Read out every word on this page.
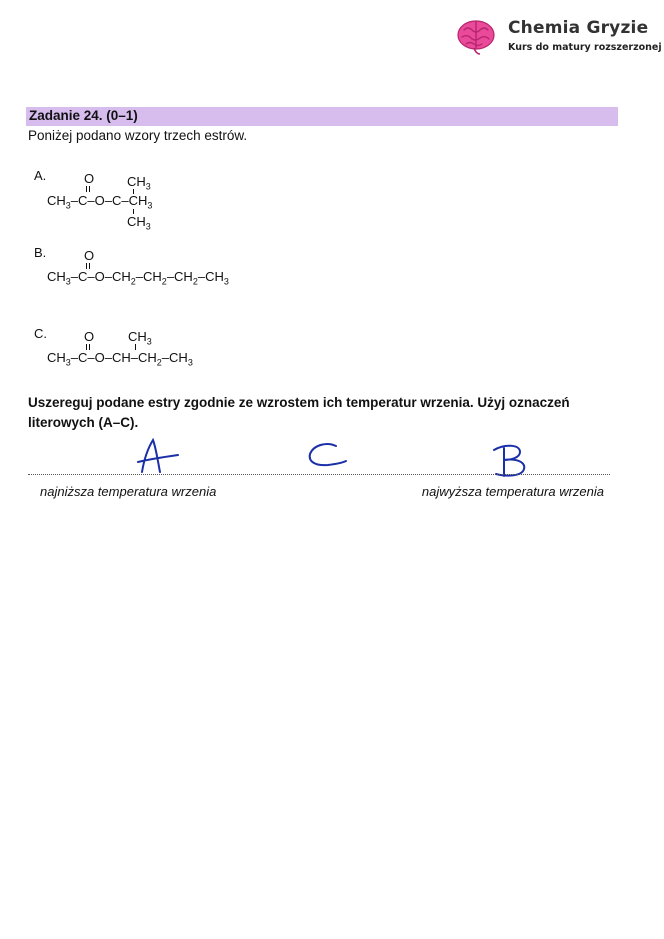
Chemia Gryzie
Kurs do matury rozszerzonej
Zadanie 24. (0–1)
Poniżej podano wzory trzech estrów.
A.	O	$CH_3$
$CH_3-C-O-C-CH_3$
$CH_3$
B.	O
$CH_3-C-O-CH_2-CH_2-CH_2-CH_3$
C.	O	$CH_3$
$CH_3-C-O-CH-CH_2-CH_3$
Uszereguj podane estry zgodnie ze wzrostem ich temperatur wrzenia. Użyj oznaczeń literowych (A–C).
A
C
B
najniższa temperatura wrzenia	najwyższa temperatura wrzenia
